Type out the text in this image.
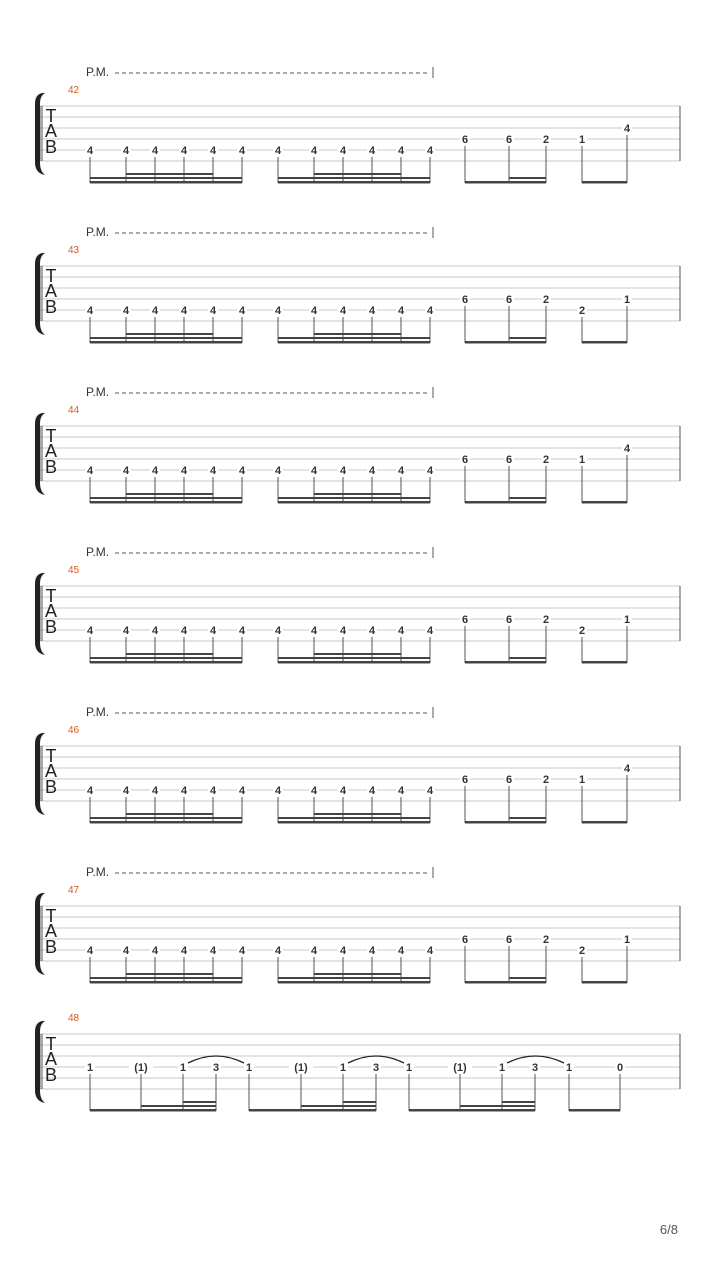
T
A
B
42
P.M.
4	4 4 4 4 4	4	4 4 4 4 4
6	6	2	1
4
T
A
B
43
P.M.
4	4 4 4 4 4	4	4 4 4 4 4
6	6	2
2
1
T
A
B
44
P.M.
4	4 4 4 4 4	4	4 4 4 4 4
6	6	2	1
4
T
A
B
45
P.M.
4	4 4 4 4 4	4	4 4 4 4 4
6	6	2
2
1
T
A
B
46
P.M.
4	4 4 4 4 4	4	4 4 4 4 4
6	6	2	1
4
T
A
B
47
P.M.
4	4 4 4 4 4	4	4 4 4 4 4
6	6	2
2
1
T
A
B
48
1	(1)	1 3 1	(1)	1 3 1	(1)	1 3	1	0
6/8
